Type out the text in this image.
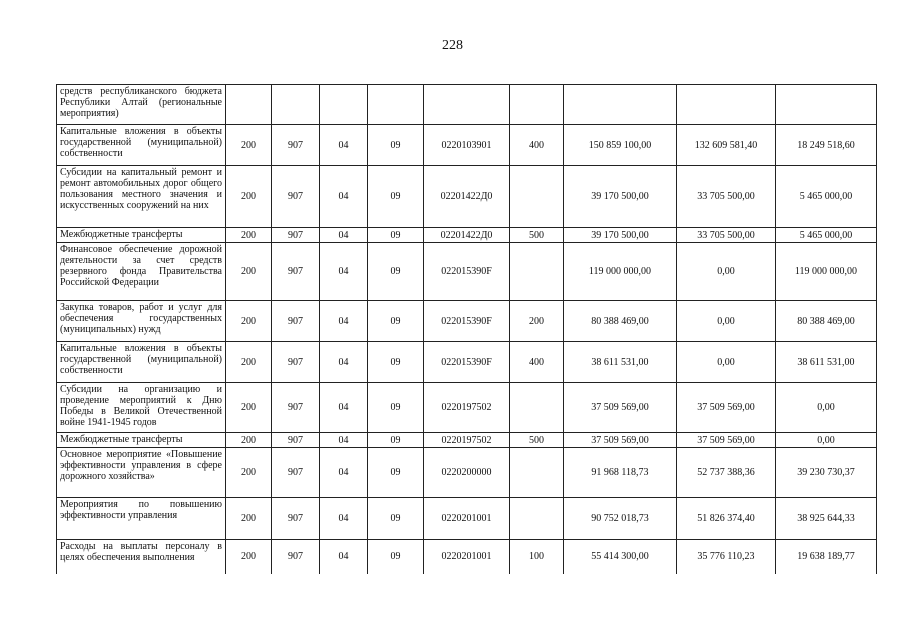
228
средств республиканского бюджета Республики Алтай (региональные мероприятия)									
Капитальные вложения в объекты государственной (муниципальной) собственности	200	907	04	09	0220103901	400	150 859 100,00	132 609 581,40	18 249 518,60
Субсидии на капитальный ремонт и ремонт автомобильных дорог общего пользования местного значения и искусственных сооружений на них	200	907	04	09	02201422Д0		39 170 500,00	33 705 500,00	5 465 000,00
Межбюджетные трансферты	200	907	04	09	02201422Д0	500	39 170 500,00	33 705 500,00	5 465 000,00
Финансовое обеспечение дорожной деятельности за счет средств резервного фонда Правительства Российской Федерации	200	907	04	09	022015390F		119 000 000,00	0,00	119 000 000,00
Закупка товаров, работ и услуг для обеспечения государственных (муниципальных) нужд	200	907	04	09	022015390F	200	80 388 469,00	0,00	80 388 469,00
Капитальные вложения в объекты государственной (муниципальной) собственности	200	907	04	09	022015390F	400	38 611 531,00	0,00	38 611 531,00
Субсидии на организацию и проведение мероприятий к Дню Победы в Великой Отечественной войне 1941-1945 годов	200	907	04	09	0220197502		37 509 569,00	37 509 569,00	0,00
Межбюджетные трансферты	200	907	04	09	0220197502	500	37 509 569,00	37 509 569,00	0,00
Основное мероприятие «Повышение эффективности управления в сфере дорожного хозяйства»	200	907	04	09	0220200000		91 968 118,73	52 737 388,36	39 230 730,37
Мероприятия по повышению эффективности управления	200	907	04	09	0220201001		90 752 018,73	51 826 374,40	38 925 644,33
Расходы на выплаты персоналу в целях обеспечения выполнения	200	907	04	09	0220201001	100	55 414 300,00	35 776 110,23	19 638 189,77
